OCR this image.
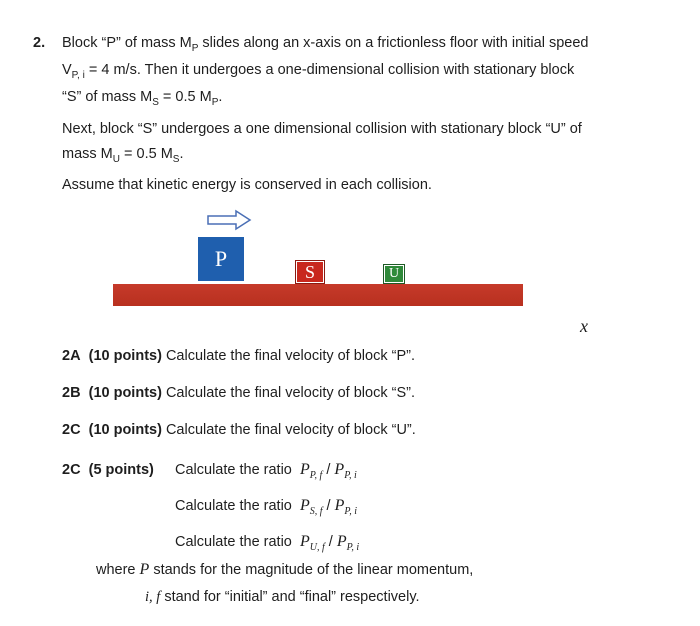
2. Block “P” of mass $M_P$ slides along an x-axis on a frictionless floor with initial speed
$V_{P, i} = 4$ m/s. Then it undergoes a one-dimensional collision with stationary block
“S” of mass $M_S = 0.5$ $M_P$.
Next, block “S” undergoes a one dimensional collision with stationary block “U” of
mass $M_U = 0.5$ $M_S$.
Assume that kinetic energy is conserved in each collision.
P
S	U
x
2A (10 points) Calculate the final velocity of block “P”.
2B (10 points) Calculate the final velocity of block “S”.
2C (10 points) Calculate the final velocity of block “U”.
2C (5 points) Calculate the ratio $P_{P, f} / P_{P, i}$
Calculate the ratio $P_{S, f} / P_{P, i}$
Calculate the ratio $P_{U, f} / P_{P, i}$
where P stands for the magnitude of the linear momentum,
i, f stand for “initial” and “final” respectively.
